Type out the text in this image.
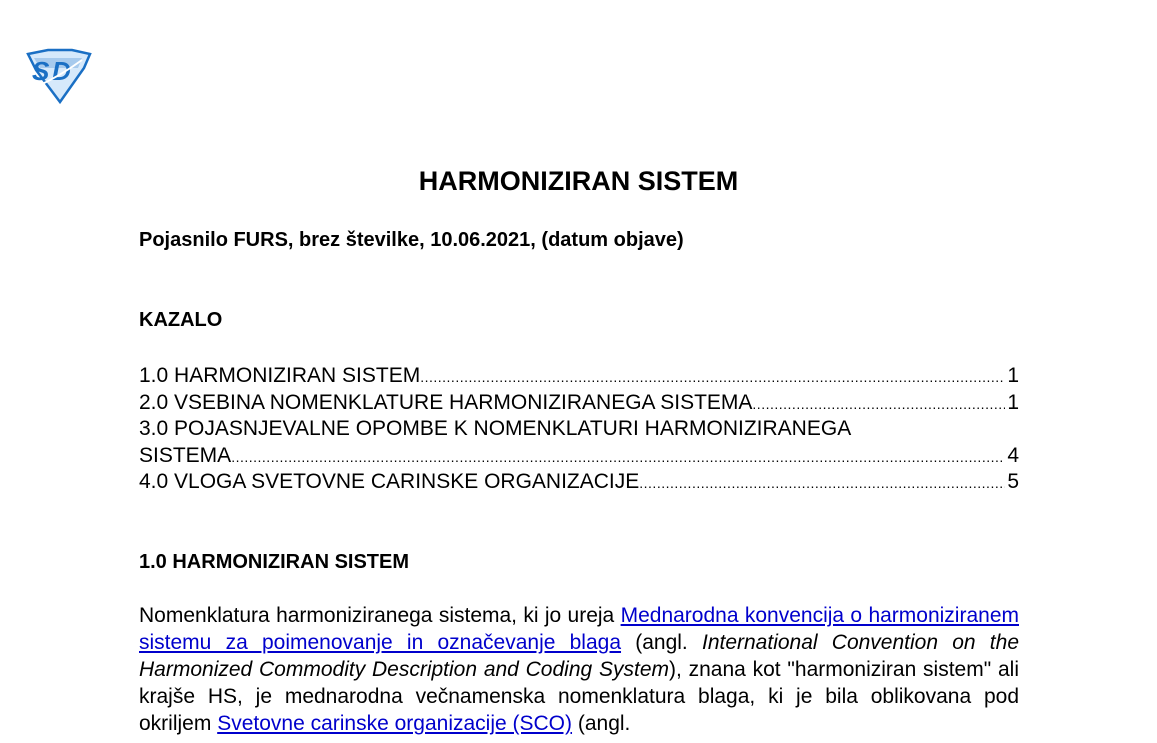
S D
HARMONIZIRAN SISTEM

Pojasnilo FURS, brez številke, 10.06.2021, (datum objave)

KAZALO

1.0 HARMONIZIRAN SISTEM .....	1
2.0 VSEBINA NOMENKLATURE HARMONIZIRANEGA SISTEMA .....	1
3.0 POJASNJEVALNE OPOMBE K NOMENKLATURI HARMONIZIRANEGA
SISTEMA .....	4
4.0 VLOGA SVETOVNE CARINSKE ORGANIZACIJE .....	5

1.0 HARMONIZIRAN SISTEM

Nomenklatura harmoniziranega sistema, ki jo ureja Mednarodna konvencija o harmoniziranem sistemu za poimenovanje in označevanje blaga (angl. International Convention on the Harmonized Commodity Description and Coding System), znana kot "harmoniziran sistem" ali krajše HS, je mednarodna večnamenska nomenklatura blaga, ki je bila oblikovana pod okriljem Svetovne carinske organizacije (SCO) (angl.
